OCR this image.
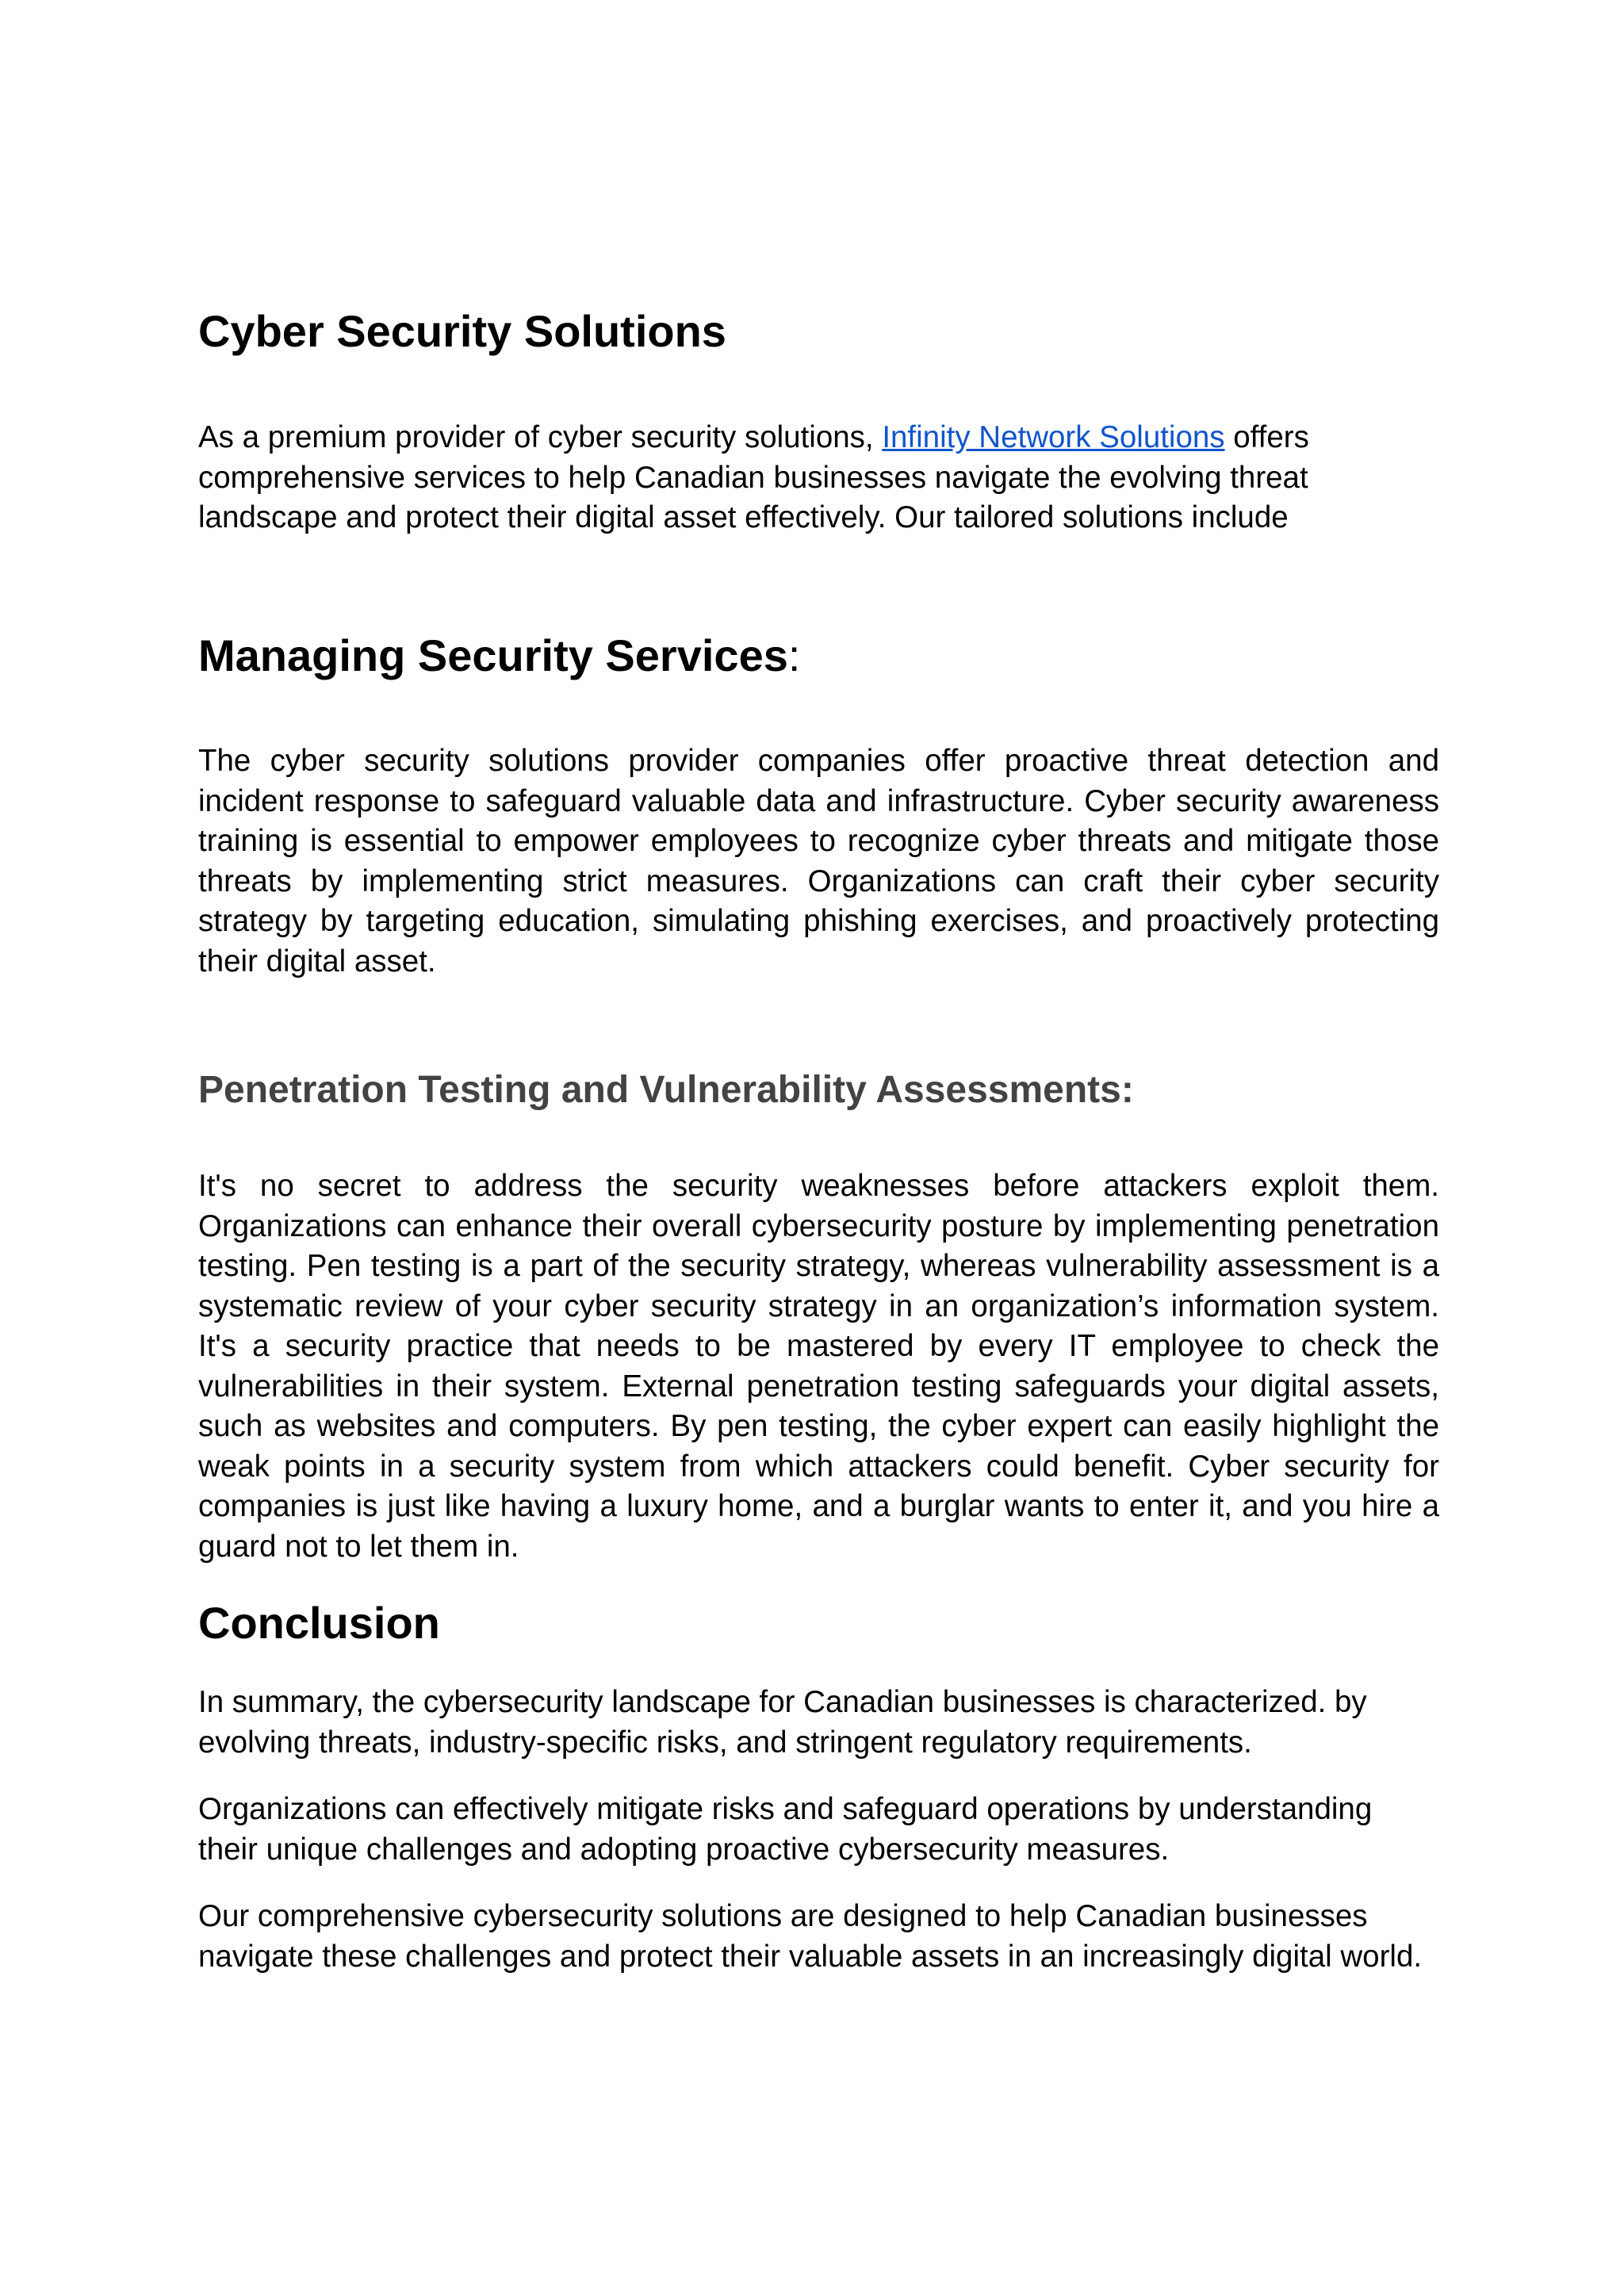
Cyber Security Solutions

As a premium provider of cyber security solutions, Infinity Network Solutions offers comprehensive services to help Canadian businesses navigate the evolving threat landscape and protect their digital asset effectively. Our tailored solutions include

Managing Security Services:

The cyber security solutions provider companies offer proactive threat detection and incident response to safeguard valuable data and infrastructure. Cyber security awareness training is essential to empower employees to recognize cyber threats and mitigate those threats by implementing strict measures. Organizations can craft their cyber security strategy by targeting education, simulating phishing exercises, and proactively protecting their digital asset.

Penetration Testing and Vulnerability Assessments:

It's no secret to address the security weaknesses before attackers exploit them. Organizations can enhance their overall cybersecurity posture by implementing penetration testing. Pen testing is a part of the security strategy, whereas vulnerability assessment is a systematic review of your cyber security strategy in an organization’s information system. It's a security practice that needs to be mastered by every IT employee to check the vulnerabilities in their system. External penetration testing safeguards your digital assets, such as websites and computers. By pen testing, the cyber expert can easily highlight the weak points in a security system from which attackers could benefit. Cyber security for companies is just like having a luxury home, and a burglar wants to enter it, and you hire a guard not to let them in.

Conclusion

In summary, the cybersecurity landscape for Canadian businesses is characterized. by evolving threats, industry-specific risks, and stringent regulatory requirements.

Organizations can effectively mitigate risks and safeguard operations by understanding their unique challenges and adopting proactive cybersecurity measures.

Our comprehensive cybersecurity solutions are designed to help Canadian businesses navigate these challenges and protect their valuable assets in an increasingly digital world.
